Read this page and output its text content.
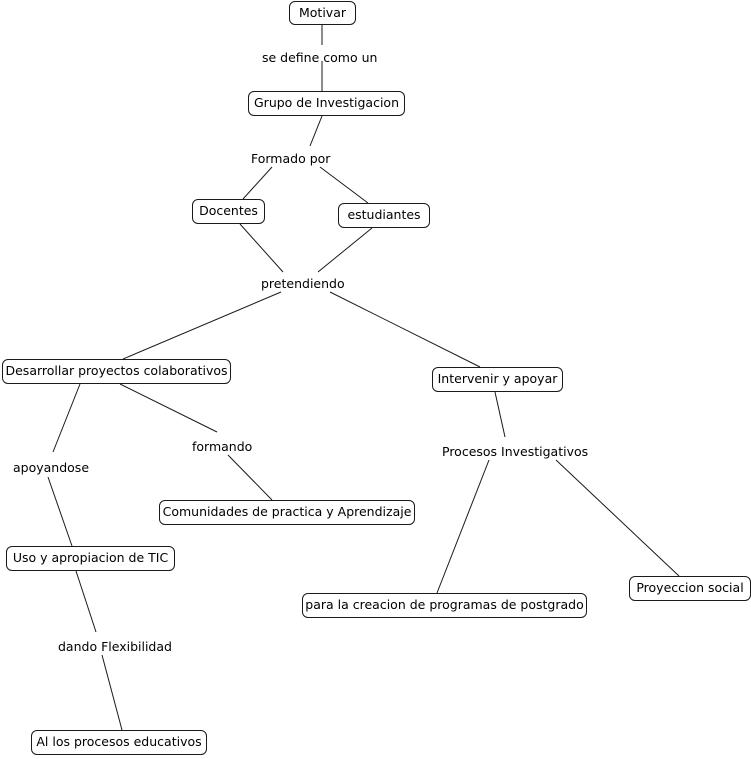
Motivar
Grupo de Investigacion
Docentes	estudiantes
Desarrollar proyectos colaborativos
Intervenir y apoyar
Comunidades de practica y Aprendizaje
Uso y apropiacion de TIC
para la creacion de programas de postgrado
Proyeccion social
Al los procesos educativos
se define como un
Formado por
pretendiendo
apoyandose
formando	Procesos Investigativos
dando Flexibilidad
